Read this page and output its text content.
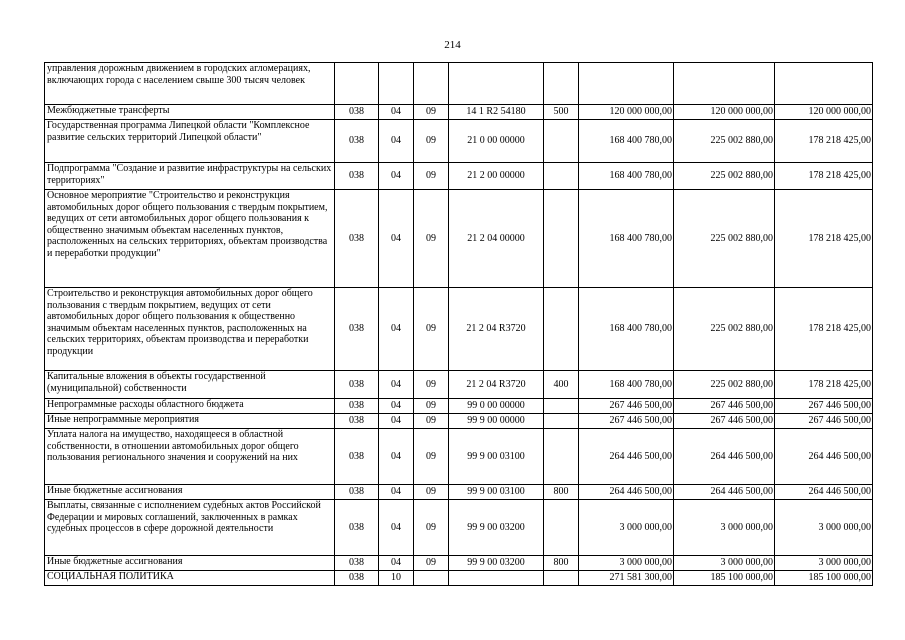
214
управления дорожным движением в городских агломерациях, включающих города с населением свыше 300 тысяч человек								
Межбюджетные трансферты	038	04	09	14 1 R2 54180	500	120 000 000,00	120 000 000,00	120 000 000,00
Государственная программа Липецкой области "Комплексное развитие сельских территорий Липецкой области"	038	04	09	21 0 00 00000		168 400 780,00	225 002 880,00	178 218 425,00
Подпрограмма "Создание и развитие инфраструктуры на сельских территориях"	038	04	09	21 2 00 00000		168 400 780,00	225 002 880,00	178 218 425,00
Основное мероприятие "Строительство и реконструкция автомобильных дорог общего пользования с твердым покрытием, ведущих от сети автомобильных дорог общего пользования к общественно значимым объектам населенных пунктов, расположенных на сельских территориях, объектам производства и переработки продукции"	038	04	09	21 2 04 00000		168 400 780,00	225 002 880,00	178 218 425,00
Строительство и реконструкция автомобильных дорог общего пользования с твердым покрытием, ведущих от сети автомобильных дорог общего пользования к общественно значимым объектам населенных пунктов, расположенных на сельских территориях, объектам производства и переработки продукции	038	04	09	21 2 04 R3720		168 400 780,00	225 002 880,00	178 218 425,00
Капитальные вложения в объекты государственной (муниципальной) собственности	038	04	09	21 2 04 R3720	400	168 400 780,00	225 002 880,00	178 218 425,00
Непрограммные расходы областного бюджета	038	04	09	99 0 00 00000		267 446 500,00	267 446 500,00	267 446 500,00
Иные непрограммные мероприятия	038	04	09	99 9 00 00000		267 446 500,00	267 446 500,00	267 446 500,00
Уплата налога на имущество, находящееся в областной собственности, в отношении автомобильных дорог общего пользования регионального значения и сооружений на них	038	04	09	99 9 00 03100		264 446 500,00	264 446 500,00	264 446 500,00
Иные бюджетные ассигнования	038	04	09	99 9 00 03100	800	264 446 500,00	264 446 500,00	264 446 500,00
Выплаты, связанные с исполнением судебных актов Российской Федерации и мировых соглашений, заключенных в рамках судебных процессов в сфере дорожной деятельности	038	04	09	99 9 00 03200		3 000 000,00	3 000 000,00	3 000 000,00
Иные бюджетные ассигнования	038	04	09	99 9 00 03200	800	3 000 000,00	3 000 000,00	3 000 000,00
СОЦИАЛЬНАЯ ПОЛИТИКА	038	10				271 581 300,00	185 100 000,00	185 100 000,00
